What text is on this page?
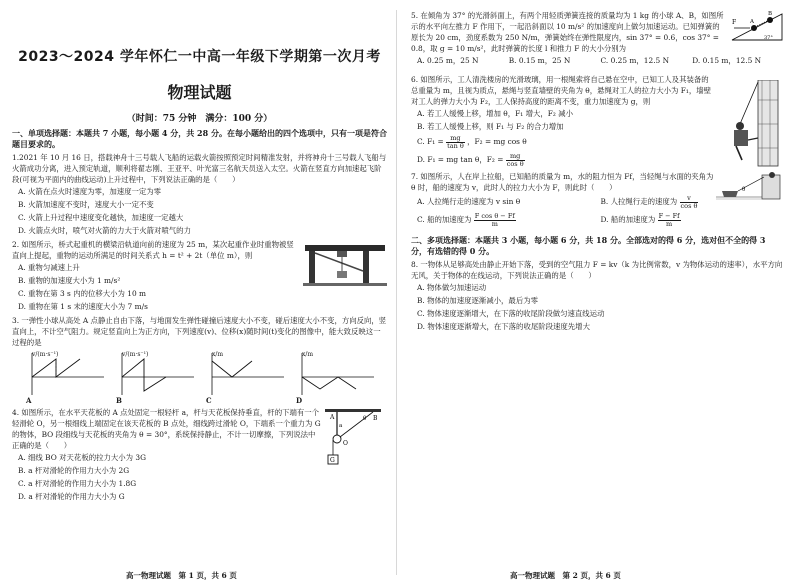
2023～2024 学年怀仁一中高一年级下学期第一次月考
物理试题
（时间：75 分钟　满分：100 分）
一、单项选择题：本题共 7 小题，每小题 4 分，共 28 分。在每小题给出的四个选项中，只有一项是符合题目要求的。
1.2021 年 10 月 16 日，搭载神舟十三号载人飞船的运载火箭按照预定时间精准发射，并将神舟十三号载人飞船与火箭成功分离，进入预定轨道，顺利将翟志刚、王亚平、叶光富三名航天员送入太空。火箭在竖直方向加速起飞阶段(可视为平面内的曲线运动)上升过程中，下列说法正确的是（　　）
A. 火箭在点火时速度为零，加速度一定为零
B. 火箭加速度不变时，速度大小一定不变
C. 火箭上升过程中速度变化越快，加速度一定越大
D. 火箭点火时，喷气对火箭的力大于火箭对喷气的力
2. 如图所示，桥式起重机的横梁沿轨道向前的速度为 25 m，某次起重作业时重物被竖直向上提起，重物的运动所满足的时间关系式 h = t² + 2t（单位 m），则
A. 重物匀减速上升
B. 重物的加速度大小为 1 m/s²
C. 重物在第 3 s 内的位移大小为 10 m
D. 重物在第 1 s 末的速度大小为 7 m/s
3. 一弹性小球从高处 A 点静止自由下落，与地面发生弹性碰撞后速度大小不变，碰后速度大小不变，方向反向，竖直向上，不计空气阻力。规定竖直向上为正方向，下列速度(v)、位移(x)随时间(t)变化的图像中，能大致反映这一过程的是
v/(m·s⁻¹)
A
v/(m·s⁻¹)
B
x/m
C
x/m
D
4. 如图所示，在水平天花板的 A 点处固定一根轻杆 a，杆与天花板保持垂直，杆的下端有一个轻滑轮 O，另一根细线上端固定在该天花板的 B 点处，细线跨过滑轮 O，下端系一个重力为 G 的物体，BO 段细线与天花板的夹角为 θ = 30°，系统保持静止，不计一切摩擦，下列说法中正确的是（　　）
A. 细线 BO 对天花板的拉力大小为 3G
B. a 杆对滑轮的作用力大小为 2G
C. a 杆对滑轮的作用力大小为 1.8G
D. a 杆对滑轮的作用力大小为 G
A	B
O
G
θ
a
5. 在倾角为 37° 的光滑斜面上，有两个用轻质弹簧连接的质量均为 1 kg 的小球 A、B，如图所示的水平向左推力 F 作用下，一起沿斜面以 10 m/s² 的加速度向上做匀加速运动。已知弹簧的原长为 20 cm，劲度系数为 250 N/m，弹簧始终在弹性限度内，sin 37° = 0.6，cos 37° = 0.8，取 g = 10 m/s²，此时弹簧的长度 l 和推力 F 的大小分别为
A. 0.25 m，25 N	B. 0.15 m，25 N	C. 0.25 m，12.5 N	D. 0.15 m，12.5 N
F	A
B
37°
6. 如图所示，工人清洗楼房的光滑玻璃，用一根绳索将自己悬在空中，已知工人及其装备的总重量为 m，且视为质点，悬绳与竖直墙壁的夹角为 θ，悬绳对工人的拉力大小为 F₁，墙壁对工人的弹力大小为 F₂，工人保持高度的距离不变，重力加速度为 g，则
A. 若工人缓慢上移，增加 θ，F₁ 增大，F₂ 减小
B. 若工人缓慢上移，则 F₁ 与 F₂ 的合力增加
C. $F_1 = \frac{mg}{\text{tan θ}}$ ，F₂ = mg cos θ
D. F₁ = mg tan θ，$F_2 = \frac{mg}{\text{cos θ}}$
7. 如图所示，人在岸上拉船，已知船的质量为 m，水的阻力恒为 Ff，当轻绳与水面的夹角为 θ 时，船的速度为 v，此时人的拉力大小为 F，则此时（　　）
A. 人拉绳行走的速度为 v sin θ	B. 人拉绳行走的速度为 $\frac{v}{\text{cos θ}}$
C. 船的加速度为 $\frac{\text{F cos θ − Ff}}{m}$	D. 船的加速度为 $\frac{F - Ff}{m}$
θ
二、多项选择题：本题共 3 小题，每小题 6 分，共 18 分。全部选对的得 6 分，选对但不全的得 3 分，有选错的得 0 分。
8. 一物体从足够高处由静止开始下落，受到的空气阻力 F = kv（k 为比例常数，v 为物体运动的速率），水平方向无风，关于物体的在线运动，下列说法正确的是（　　）
A. 物体做匀加速运动
B. 物体的加速度逐渐减小，最后为零
C. 物体速度逐渐增大，在下落的收尾阶段做匀速直线运动
D. 物体速度逐渐增大，在下落的收尾阶段速度先增大
高一物理试题　第 1 页，共 6 页	高一物理试题　第 2 页，共 6 页
